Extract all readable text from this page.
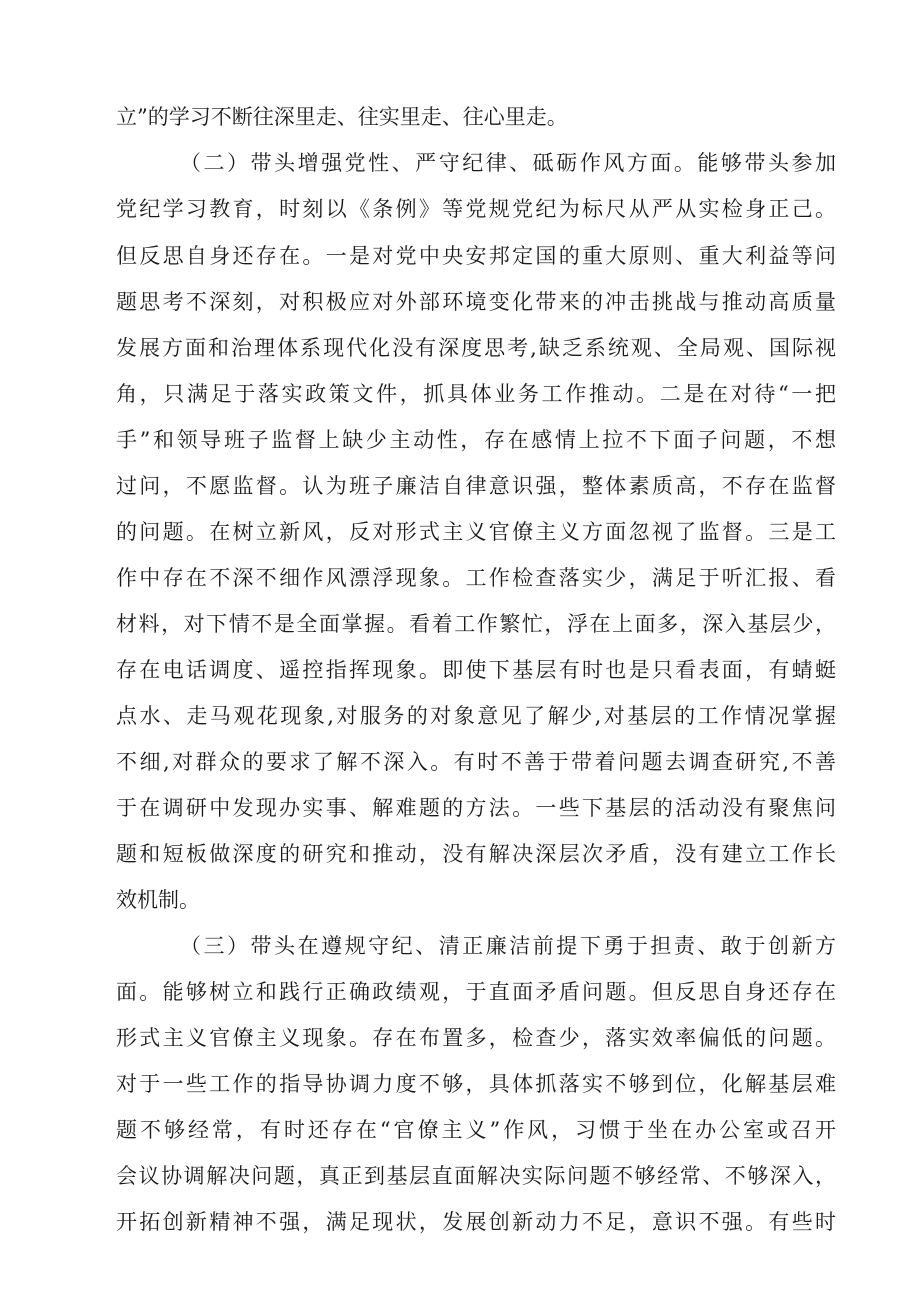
立”的学习不断往深里走、往实里走、往心里走。
（二）带头增强党性、严守纪律、砥砺作风方面。能够带头参加
党纪学习教育，时刻以《条例》等党规党纪为标尺从严从实检身正己。
但反思自身还存在。一是对党中央安邦定国的重大原则、重大利益等问
题思考不深刻，对积极应对外部环境变化带来的冲击挑战与推动高质量
发展方面和治理体系现代化没有深度思考,缺乏系统观、全局观、国际视
角，只满足于落实政策文件，抓具体业务工作推动。二是在对待“一把
手”和领导班子监督上缺少主动性，存在感情上拉不下面子问题，不想
过问，不愿监督。认为班子廉洁自律意识强，整体素质高，不存在监督
的问题。在树立新风，反对形式主义官僚主义方面忽视了监督。三是工
作中存在不深不细作风漂浮现象。工作检查落实少，满足于听汇报、看
材料，对下情不是全面掌握。看着工作繁忙，浮在上面多，深入基层少，
存在电话调度、遥控指挥现象。即使下基层有时也是只看表面，有蜻蜓
点水、走马观花现象,对服务的对象意见了解少,对基层的工作情况掌握
不细,对群众的要求了解不深入。有时不善于带着问题去调查研究,不善
于在调研中发现办实事、解难题的方法。一些下基层的活动没有聚焦问
题和短板做深度的研究和推动，没有解决深层次矛盾，没有建立工作长
效机制。
（三）带头在遵规守纪、清正廉洁前提下勇于担责、敢于创新方
面。能够树立和践行正确政绩观，于直面矛盾问题。但反思自身还存在
形式主义官僚主义现象。存在布置多，检查少，落实效率偏低的问题。
对于一些工作的指导协调力度不够，具体抓落实不够到位，化解基层难
题不够经常，有时还存在“官僚主义”作风，习惯于坐在办公室或召开
会议协调解决问题，真正到基层直面解决实际问题不够经常、不够深入，
开拓创新精神不强，满足现状，发展创新动力不足，意识不强。有些时
